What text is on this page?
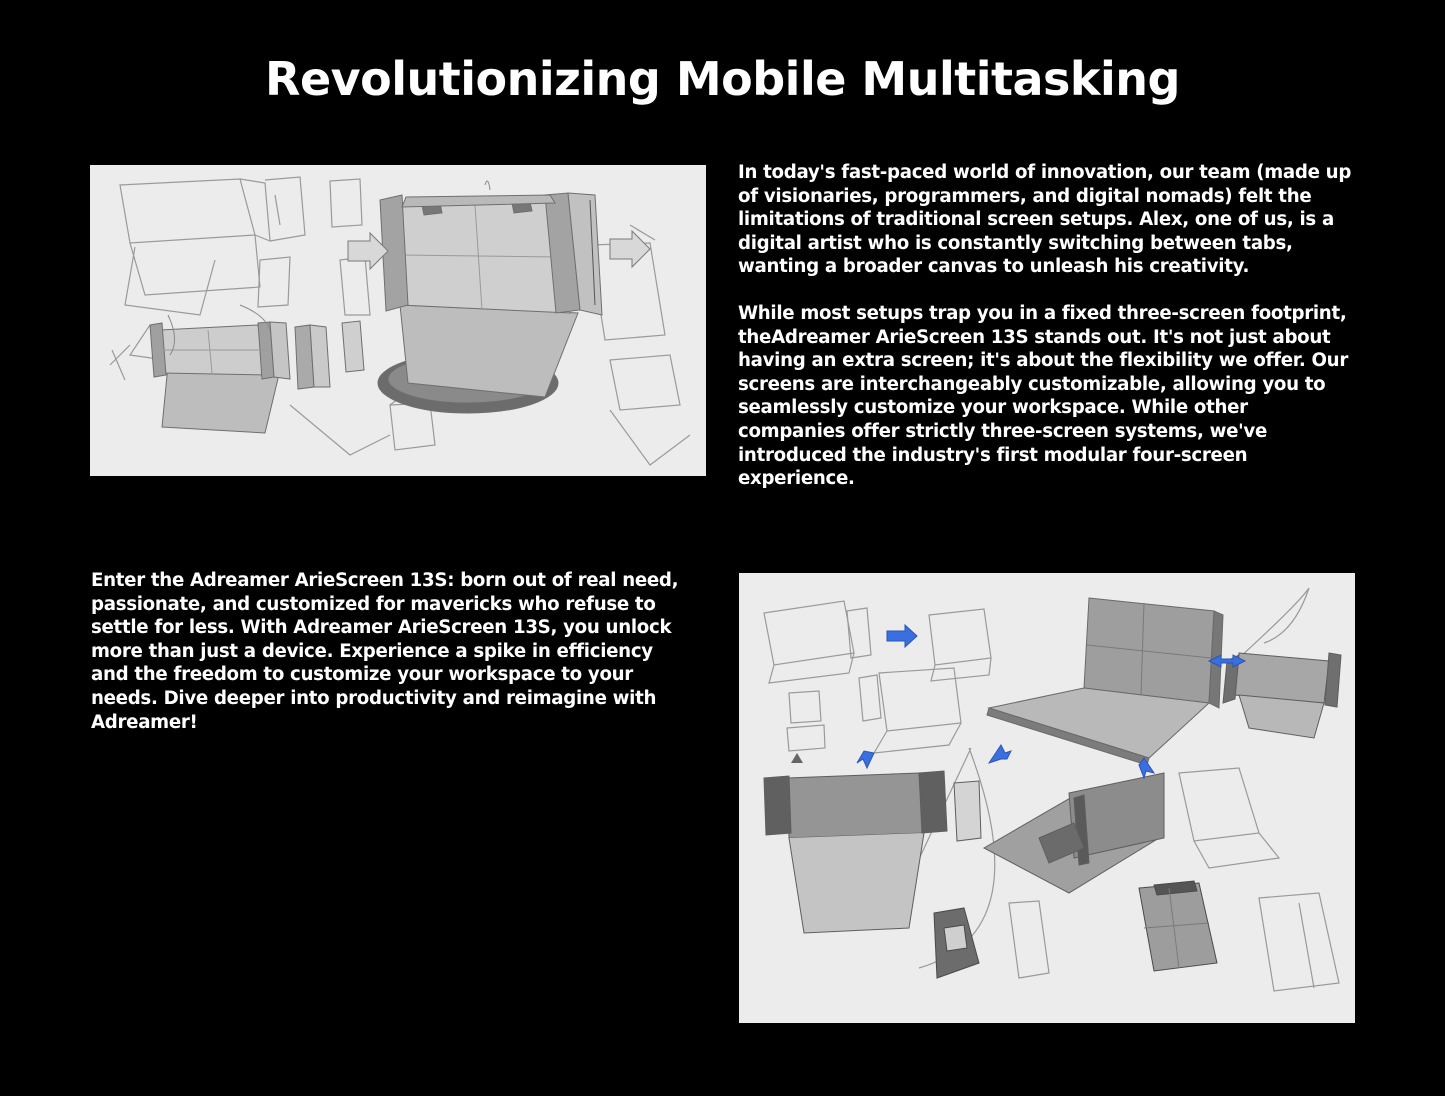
Revolutionizing Mobile Multitasking

In today's fast-paced world of innovation, our team (made up of visionaries, programmers, and digital nomads) felt the limitations of traditional screen setups. Alex, one of us, is a digital artist who is constantly switching between tabs, wanting a broader canvas to unleash his creativity.

While most setups trap you in a fixed three-screen footprint, theAdreamer ArieScreen 13S stands out. It's not just about having an extra screen; it's about the flexibility we offer. Our screens are interchangeably customizable, allowing you to seamlessly customize your workspace. While other companies offer strictly three-screen systems, we've introduced the industry's first modular four-screen experience.

Enter the Adreamer ArieScreen 13S: born out of real need, passionate, and customized for mavericks who refuse to settle for less. With Adreamer ArieScreen 13S, you unlock more than just a device. Experience a spike in efficiency and the freedom to customize your workspace to your needs. Dive deeper into productivity and reimagine with Adreamer!
